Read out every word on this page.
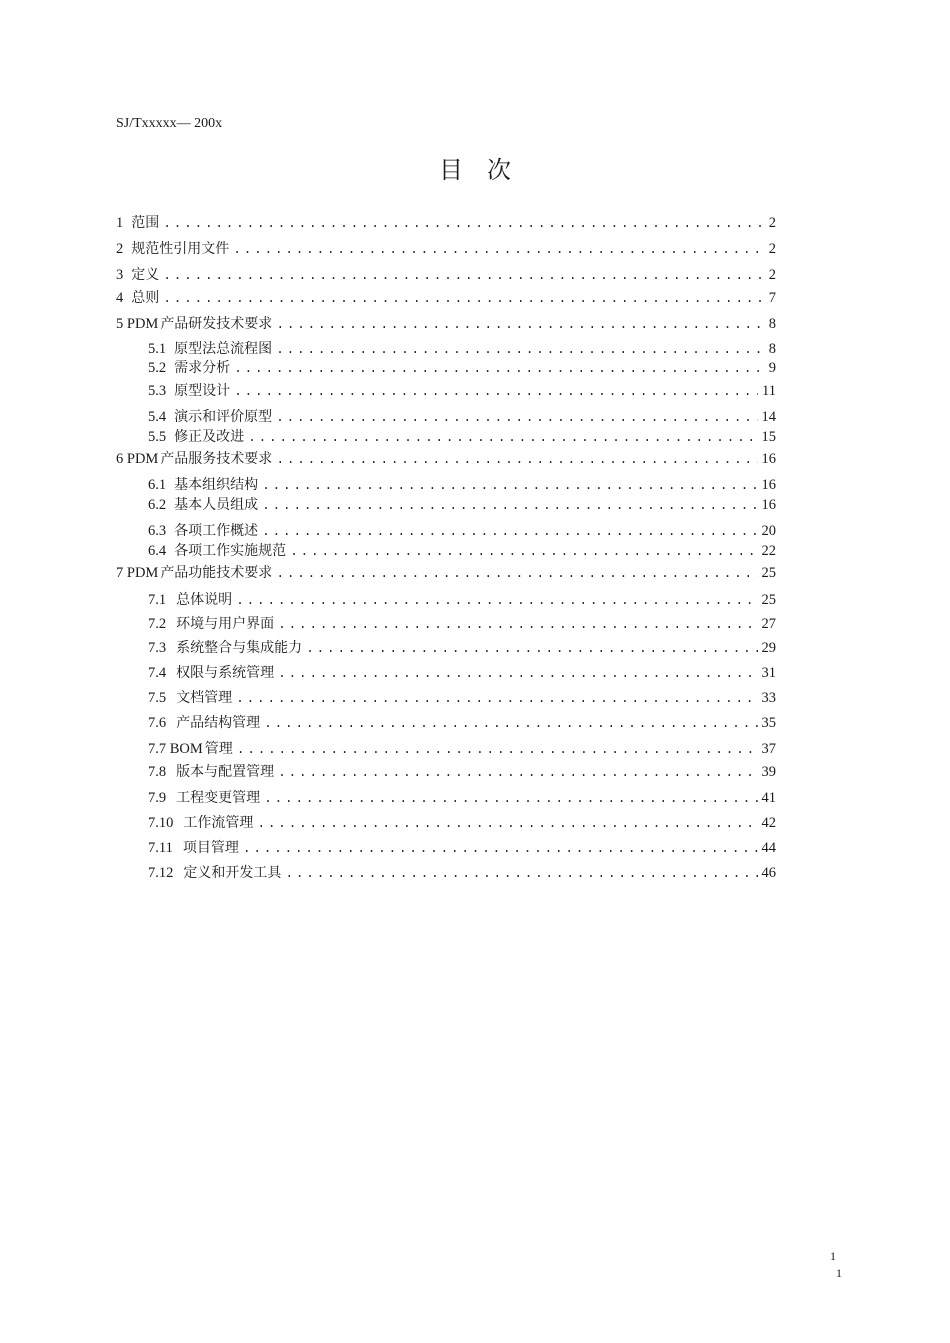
SJ/Txxxxx— 200x
目次
1 范围 .....	2
2 规范性引用文件 .....	2
3 定义 .....	2
4 总则 .....	7
5 PDM 产品研发技术要求 .....	8
5.1 原型法总流程图 .....	8
5.2 需求分析 .....	9
5.3 原型设计 .....	11
5.4 演示和评价原型 .....	14
5.5 修正及改进 .....	15
6 PDM 产品服务技术要求 .....	16
6.1 基本组织结构 .....	16
6.2 基本人员组成 .....	16
6.3 各项工作概述 .....	20
6.4 各项工作实施规范 .....	22
7 PDM 产品功能技术要求 .....	25
7.1 总体说明 .....	25
7.2 环境与用户界面 .....	27
7.3 系统整合与集成能力 .....	29
7.4 权限与系统管理 .....	31
7.5 文档管理 .....	33
7.6 产品结构管理 .....	35
7.7 BOM 管理 .....	37
7.8 版本与配置管理 .....	39
7.9 工程变更管理 .....	41
7.10 工作流管理 .....	42
7.11 项目管理 .....	44
7.12 定义和开发工具 .....	46
1
1
